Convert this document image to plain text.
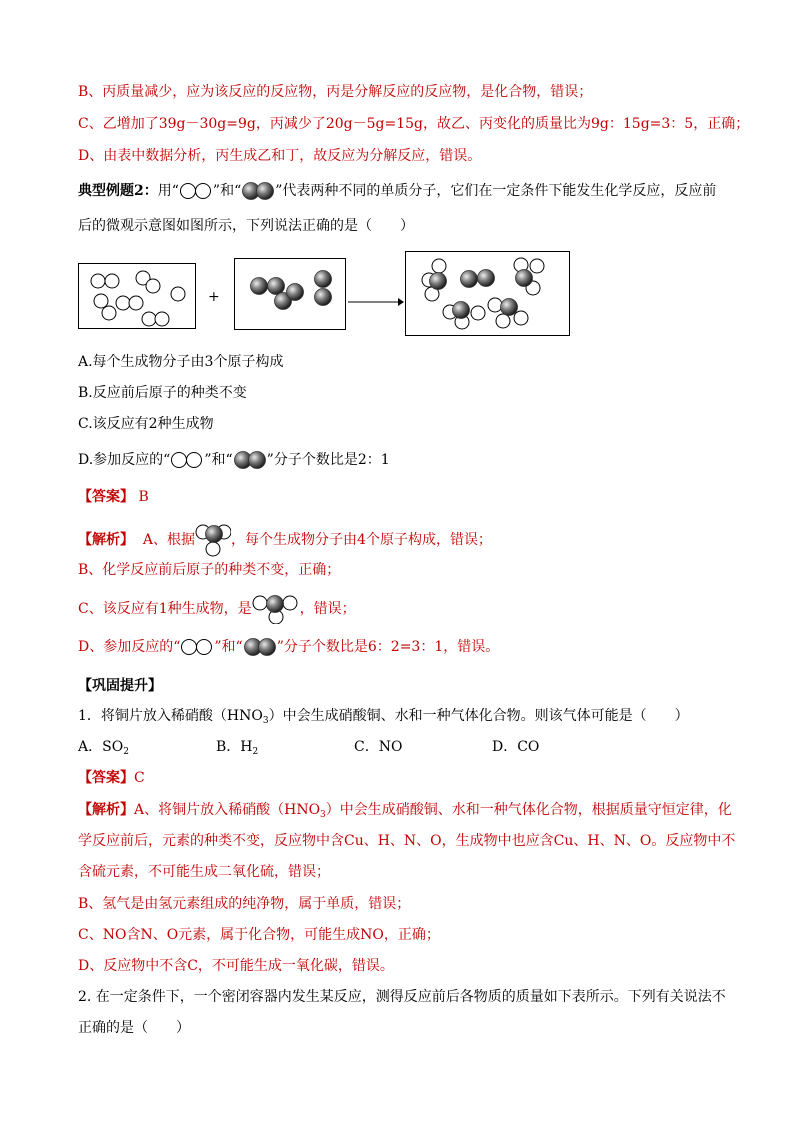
B、丙质量减少，应为该反应的反应物，丙是分解反应的反应物，是化合物，错误；
C、乙增加了39g－30g=9g，丙减少了20g－5g=15g，故乙、丙变化的质量比为9g：15g=3：5，正确；
D、由表中数据分析，丙生成乙和丁，故反应为分解反应，错误。
典型例题2：用“ ”和“ ”代表两种不同的单质分子，它们在一定条件下能发生化学反应，反应前
后的微观示意图如图所示，下列说法正确的是（　　）
+
A.每个生成物分子由3个原子构成
B.反应前后原子的种类不变
C.该反应有2种生成物
D.参加反应的“ ”和“ ”分子个数比是2：1
【答案】 B
【解析】 A、根据	，每个生成物分子由4个原子构成，错误；
B、化学反应前后原子的种类不变，正确；
C、该反应有1种生成物，是	，错误；
D、参加反应的“ ”和“ ”分子个数比是6：2=3：1，错误。
【巩固提升】
1．将铜片放入稀硝酸$(HNO_3)$中会生成硝酸铜、水和一种气体化合物。则该气体可能是（　　）
A．$SO_2$	B．$H_2$	C．NO	D．CO
【答案】C
【解析】A、将铜片放入稀硝酸$(HNO_3)$中会生成硝酸铜、水和一种气体化合物，根据质量守恒定律，化
学反应前后，元素的种类不变，反应物中含Cu、H、N、O，生成物中也应含Cu、H、N、O。反应物中不
含硫元素，不可能生成二氧化硫，错误；
B、氢气是由氢元素组成的纯净物，属于单质，错误；
C、NO含N、O元素，属于化合物，可能生成NO，正确；
D、反应物中不含C，不可能生成一氧化碳，错误。
2. 在一定条件下，一个密闭容器内发生某反应，测得反应前后各物质的质量如下表所示。下列有关说法不
正确的是（　　）
